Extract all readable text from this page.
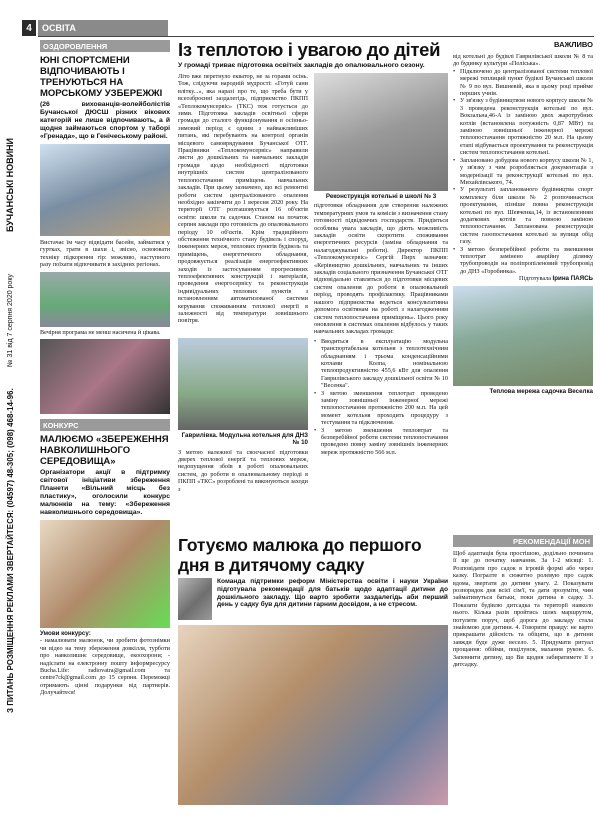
4	ОСВІТА
БУЧАНСЬКІ НОВИНИ
№ 31 від 7 серпня 2020 року
З ПИТАНЬ РОЗМІЩЕННЯ РЕКЛАМИ ЗВЕРТАЙТЕСЯ: (04597) 48-305; (098) 468-14-96.
ОЗДОРОВЛЕННЯ
ЮНІ СПОРТСМЕНИ ВІДПОЧИВАЮТЬ І ТРЕНУЮТЬСЯ НА МОРСЬКОМУ УЗБЕРЕЖЖІ
(26 вихованців-волейболістів Бучанської ДЮСШ різних вікових категорій не лише відпочивають, а й щодня займаються спортом у таборі «Гренада», що в Генічеському районі.
Вистачає їм часу відвідати басейн, займатися у гуртках, грати в шахи і, звісно, освоювати техніку підкорення гір: можливо, наступного разу поїхати відпочивати в західних регіонах.
Вечірня програма не менш насичена й цікава.
КОНКУРС
МАЛЮЄМО «ЗБЕРЕЖЕННЯ НАВКОЛИШНЬОГО СЕРЕДОВИЩА»
Організатори акції в підтримку світової ініціативи збереження Планети «Вільний місць без пластику», оголосили конкурс малюнків на тему: «Збереження навколишнього середовища».
Умови конкурсу:
- намалювати малюнок, чи зробити фотознімки чи відео на тему збереження довкілля, турботи про навколишнє середовище, екоохорони; - надіслати на електронну пошту інформресурсу Bucha.Life: radiovatra@gmail.com та centre7ck@gmail.com до 15 серпня. Переможці отримають цінні подарунки від партнерів. Долучайтеся!
Із теплотою і увагою до дітей
У громаді триває підготовка освітніх закладів до опалювального сезону.
Літо вже перетнуло екватор, не за горами осінь. Тож, слідуючи народній мудрості: «Готуй сани влітку...», яка наразі про те, що треба бути у всеозброєнні заздалегідь, підприємство ПКПП «Теплокомунсервіс» (ТКС) теж готується до зими. Підготовка закладів освітньої сфери громади до сталого функціонування в осінньо-зимовий період є одним з найважливіших питань, які перебувають на контролі органів місцевого самоврядування Бучанської ОТГ. Працівники «Теплокомунсервіс» направили листи до дошкільних та навчальних закладів громади щодо необхідності підготовки внутрішніх систем централізованого теплопостачання приміщень навчальних закладів. При цьому зазначено, що всі ремонтні роботи систем централізованого опалення необхідно закінчити до 1 вересня 2020 року. На території ОТГ розташовується 16 об'єктів освіти: школи та садочки. Станом на початок серпня заклади про готовність до опалювального періоду 10 об'єктів. Крім традиційного обстеження технічного стану будівель і споруд, інженерних мереж, теплових пунктів будівель та приміщень, енергетичного обладнання, продовжується реалізація енергоефективних заходів із застосуванням прогресивних теплоефективних конструкцій і матеріалів, проведення енергосервісу та реконструкція індивідуальних теплових пунктів з встановленням автоматизованої системи керування споживанням теплової енергії в залежності від температури зовнішнього повітря.
Реконструкція котельні в школі № 3
підготовки обладнання для створення належних температурних умов та комісія з визначення стану готовності підвідомчих господарств. Придіяться особлива увага закладів, що діють можливість закладів освіти скоротити споживання енергетичних ресурсів (замінa обладнання та налагоджувальні роботи). Директор ПКПП «Теплокомунсервіс» Сергій Пирх зазначив: «Керівництво дошкільних, навчальних та інших закладів соціального призначення Бучанської ОТГ відповідально ставляться до підготовки місцевих систем опалення до роботи в опалювальний період, проводять профілактику. Працівниками нашого підприємства ведеться консультативна допомога освітянам на роботі з налагодженням систем теплопостачання приміщень». Цього року оновлення в системах опалення відбулось у таких навчальних закладах громади:
Гаврилівка. Модульна котельня для ДНЗ № 10
З метою належної та своєчасної підготовки дверех теплової енергії та теплових мереж, недопущення збоїв в роботі опалювальних систем, до роботи в опалювальному періоді в ПКПП «ТКС» розроблені та виконуються заходи з
• Вводиться в експлуатацію модульна транспортабельна котельня з теплотехнічним обладнанням і трьома конденсаційними котлами Колпа, номінальною теплопродуктивністю 455,6 кВт для опалення Гаврилівського закладу дошкільної освіти № 10 "Весенка".
• З метою зменшення теплотрат проведено заміну зовнішньої інженерної мережі теплопостачання протяжністю 200 м.п. На цей момент котельня проходить процедуру з тестування та підключення.
• З метою зменшення тепловтрат та безперебійної роботи системи теплопостачання проведено повну заміну зовнішніх інженерних мереж протяжністю 566 м.п.
ВАЖЛИВО
від котельні до будівлі Гаврилівської школи № 8 та до будинку культури «Поліська».
• Підключено до централізованої системи теплової мережі теплиций пункт будівлі Бучанської школи № 9 по вул. Вишневій, яка в цьому році прийме перших учнів.
• У зв'язку з будівництвом нового корпусу школи № 3 проведена реконструкція котельні по вул. Вокзальна,46-А із заміною двох жаротрубних котлів (встановлена потужність 0,87 МВт) та заміною зовнішньої інженерної мережі теплопостачання протяжністю 20 м.п. На цьому етапі відбувається проектування та реконструкція систем теплопостачання котельні.
• Заплановано добудова нового корпусу школи № 1, у зв'язку з чим розробляється документація з модернізації та реконструкції котельні по вул. Михайлівського, 74.
• У результаті запланованого будівництва спорт комплексу біля школи № 2 розпочинається проектування, пізніше повна реконструкція котельні по вул. Шевченка,14, із встановленням додаткових котлів та повною заміною теплопостачання. Запланована реконструкція систем газопостачання котельні за вулиця обід газу.
• З метою безперебійної роботи та зменшення теплотрат замінено аварійну ділянку трубопроводів на поліпропіленовий трубопровід до ДНЗ «Горобинка».
Підготувала Ірина ПАЯСЬ
Теплова мережа садочка Веселка
Готуємо малюка до першого дня в дитячому садку
Команда підтримки реформ Міністерства освіти і науки України підготувала рекомендації для батьків щодо адаптації дитини до дошкільного закладу. Що варто зробити заздалегідь аби перший день у садку був для дитини гарним досвідом, а не стресом.
РЕКОМЕНДАЦІЇ МОН
Щоб адаптація була простішою, додільно почината її ще до початку навчання. За 1-2 місяці: 1. Розповідати про садок в ігровій формі або через казку. Погралте в сюжетно ролевую про садок вдома, звертати до дитини увагу. 2. Показувати розпорядок дня всієї сім'ї, та дати зрозуміти, чим займатимуться батьки, поки дитина в садку. 3. Показати будівлю дитсадка та території навколо нього. Кілька разів пройтись шлях маршрутом, потуляти поруч, щоб дорога до закладу стала знайомою для дитини. 4. Говорити правду: не варто прикрашати дійсність та обіцяти, що в дитини завжди буде дуже весело. 5. Придумати ритуал прощання: обійми, поцілунок, махання рукою. 6. Запевнити дитину, що Ви щодня забиратимете її з дитсадку.
